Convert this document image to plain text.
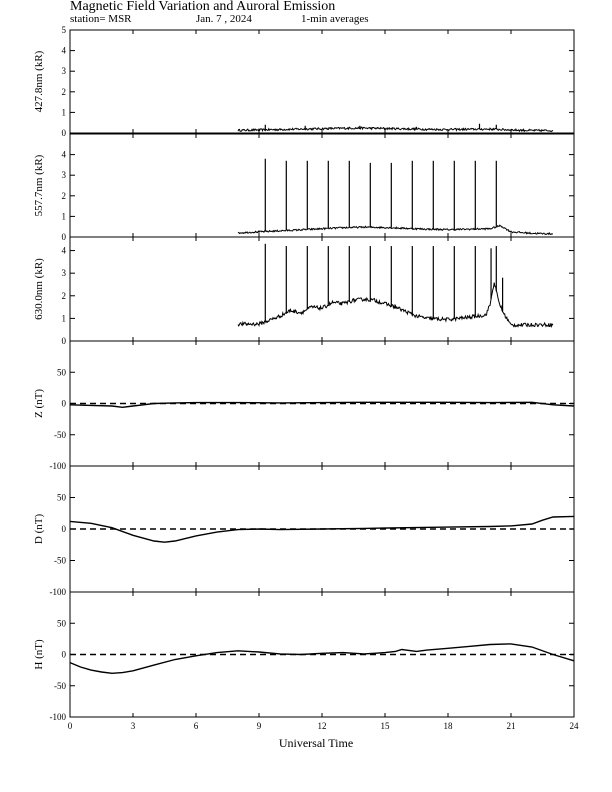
Magnetic Field Variation and Auroral Emission
station= MSR	Jan. 7 , 2024	1-min averages
0
1
2
3
4
5
427.8nm (kR)
0
1
2
3
4
557.7nm (kR)
0
1
2
3
4
630.0nm (kR)
-100
-50
0
50
Z (nT)
-100
-50
0
50
D (nT)
-100
-50
0
50
H (nT)
0	3	6	9	12	15	18	21	24
Universal Time
